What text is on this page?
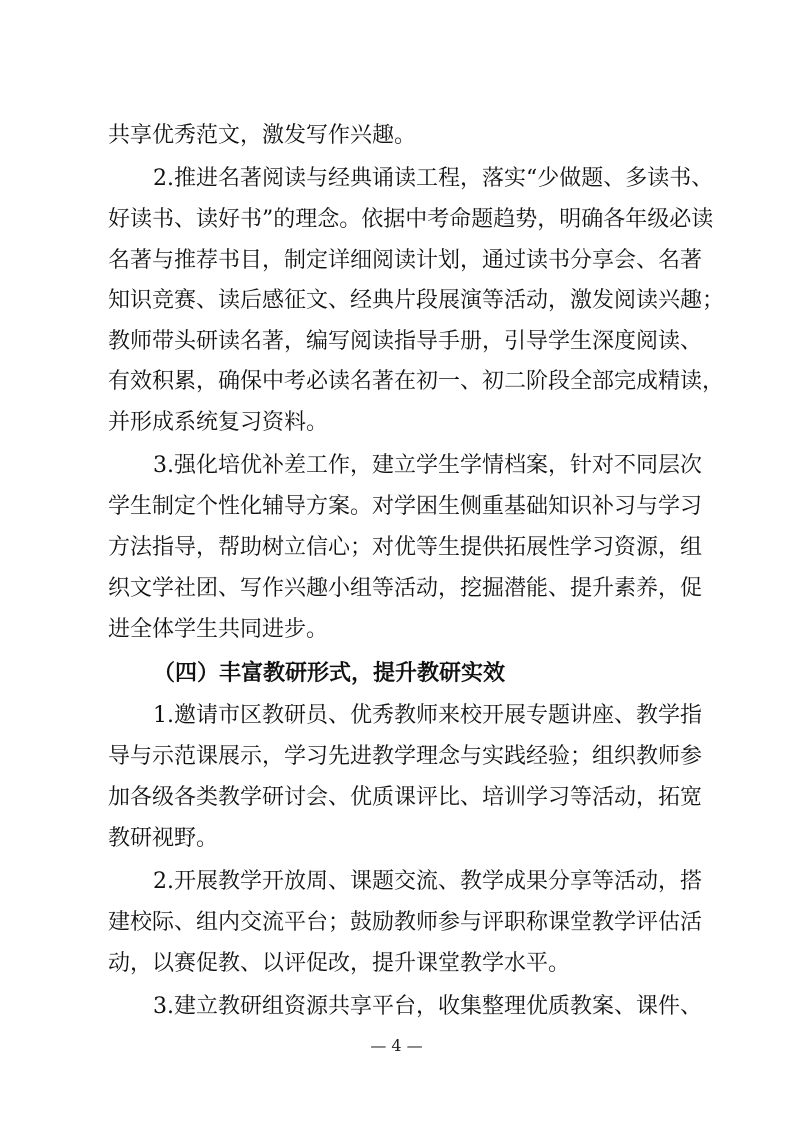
共享优秀范文，激发写作兴趣。
2.推进名著阅读与经典诵读工程，落实“少做题、多读书、
好读书、读好书”的理念。依据中考命题趋势，明确各年级必读
名著与推荐书目，制定详细阅读计划，通过读书分享会、名著
知识竞赛、读后感征文、经典片段展演等活动，激发阅读兴趣；
教师带头研读名著，编写阅读指导手册，引导学生深度阅读、
有效积累，确保中考必读名著在初一、初二阶段全部完成精读，
并形成系统复习资料。
3.强化培优补差工作，建立学生学情档案，针对不同层次
学生制定个性化辅导方案。对学困生侧重基础知识补习与学习
方法指导，帮助树立信心；对优等生提供拓展性学习资源，组
织文学社团、写作兴趣小组等活动，挖掘潜能、提升素养，促
进全体学生共同进步。
（四）丰富教研形式，提升教研实效
1.邀请市区教研员、优秀教师来校开展专题讲座、教学指
导与示范课展示，学习先进教学理念与实践经验；组织教师参
加各级各类教学研讨会、优质课评比、培训学习等活动，拓宽
教研视野。
2.开展教学开放周、课题交流、教学成果分享等活动，搭
建校际、组内交流平台；鼓励教师参与评职称课堂教学评估活
动，以赛促教、以评促改，提升课堂教学水平。
3.建立教研组资源共享平台，收集整理优质教案、课件、
— 4 —
